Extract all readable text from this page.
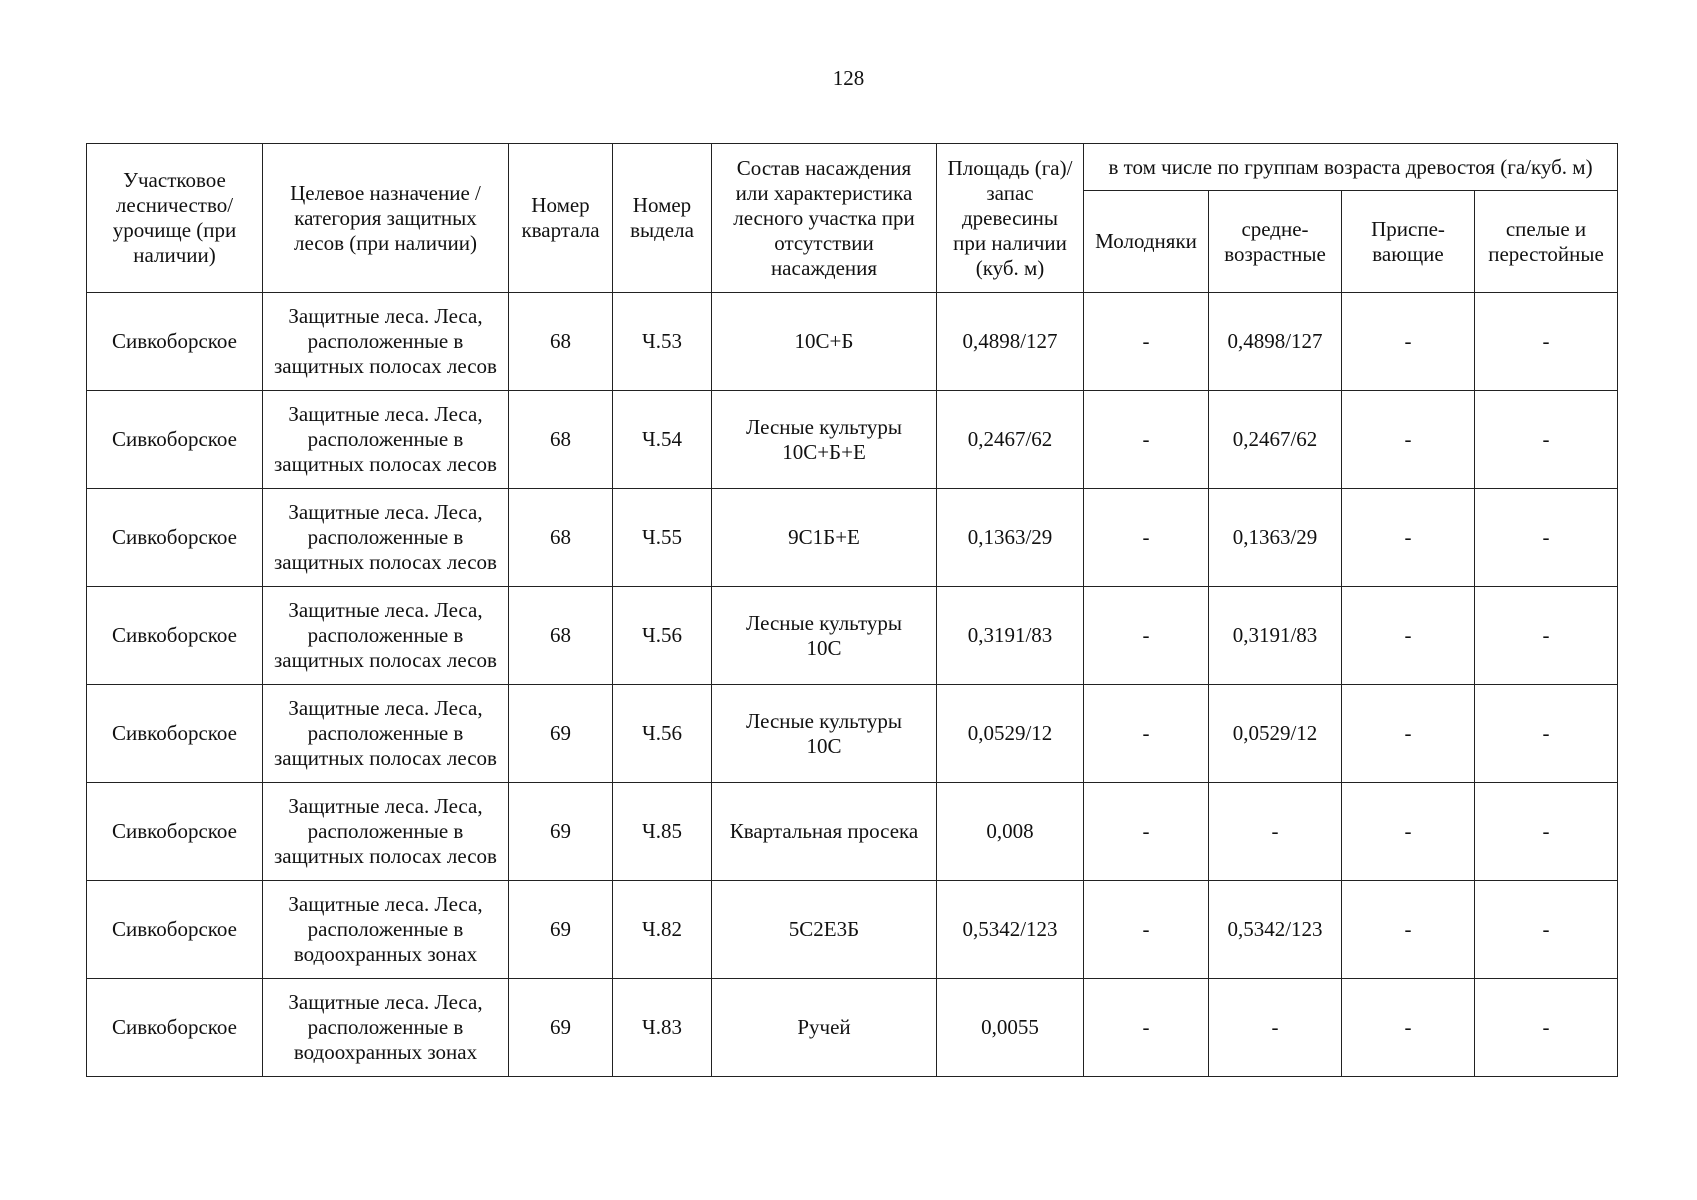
128
Участковое
лесничество/
урочище (при
наличии)	Целевое назначение /
категория защитных
лесов (при наличии)	Номер
квартала	Номер
выдела	Состав насаждения
или характеристика
лесного участка при
отсутствии
насаждения	Площадь (га)/
запас
древесины
при наличии
(куб. м)	в том числе по группам возраста древостоя (га/куб. м)			
						Молодняки	средне-
возрастные	Приспе-
вающие	спелые и
перестойные
Сивкоборское	Защитные леса. Леса,
расположенные в
защитных полосах лесов	68	Ч.53	10С+Б	0,4898/127	-	0,4898/127	-	-
Сивкоборское	Защитные леса. Леса,
расположенные в
защитных полосах лесов	68	Ч.54	Лесные культуры
10С+Б+Е	0,2467/62	-	0,2467/62	-	-
Сивкоборское	Защитные леса. Леса,
расположенные в
защитных полосах лесов	68	Ч.55	9С1Б+Е	0,1363/29	-	0,1363/29	-	-
Сивкоборское	Защитные леса. Леса,
расположенные в
защитных полосах лесов	68	Ч.56	Лесные культуры
10С	0,3191/83	-	0,3191/83	-	-
Сивкоборское	Защитные леса. Леса,
расположенные в
защитных полосах лесов	69	Ч.56	Лесные культуры
10С	0,0529/12	-	0,0529/12	-	-
Сивкоборское	Защитные леса. Леса,
расположенные в
защитных полосах лесов	69	Ч.85	Квартальная просека	0,008	-	-	-	-
Сивкоборское	Защитные леса. Леса,
расположенные в
водоохранных зонах	69	Ч.82	5С2Е3Б	0,5342/123	-	0,5342/123	-	-
Сивкоборское	Защитные леса. Леса,
расположенные в
водоохранных зонах	69	Ч.83	Ручей	0,0055	-	-	-	-
